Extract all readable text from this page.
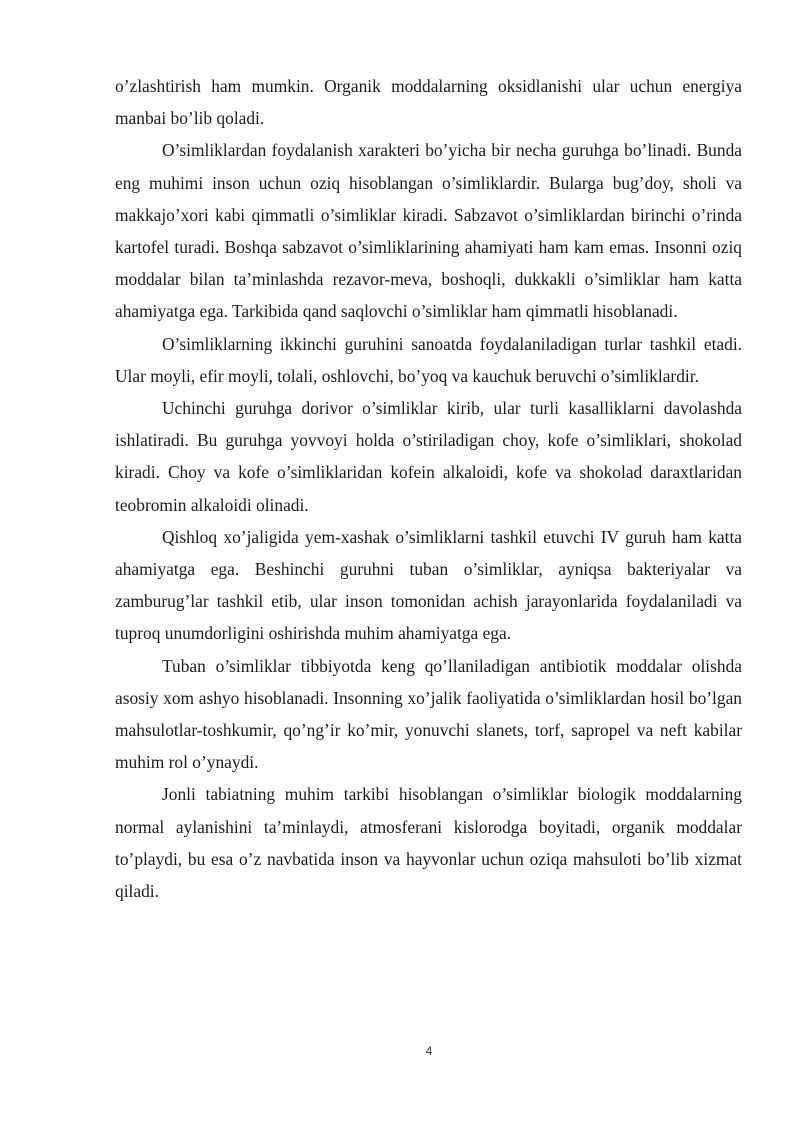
o’zlashtirish ham mumkin. Organik moddalarning oksidlanishi ular uchun energiya manbai bo’lib qoladi.

O’simliklardan foydalanish xarakteri bo’yicha bir necha guruhga bo’linadi. Bunda eng muhimi inson uchun oziq hisoblangan o’simliklardir. Bularga bug’doy, sholi va makkajo’xori kabi qimmatli o’simliklar kiradi. Sabzavot o’simliklardan birinchi o’rinda kartofel turadi. Boshqa sabzavot o’simliklarining ahamiyati ham kam emas. Insonni oziq moddalar bilan ta’minlashda rezavor-meva, boshoqli, dukkakli o’simliklar ham katta ahamiyatga ega. Tarkibida qand saqlovchi o’simliklar ham qimmatli hisoblanadi.

O’simliklarning ikkinchi guruhini sanoatda foydalaniladigan turlar tashkil etadi. Ular moyli, efir moyli, tolali, oshlovchi, bo’yoq va kauchuk beruvchi o’simliklardir.

Uchinchi guruhga dorivor o’simliklar kirib, ular turli kasalliklarni davolashda ishlatiradi. Bu guruhga yovvoyi holda o’stiriladigan choy, kofe o’simliklari, shokolad kiradi. Choy va kofe o’simliklaridan kofein alkaloidi, kofe va shokolad daraxtlaridan teobromin alkaloidi olinadi.

Qishloq xo’jaligida yem-xashak o’simliklarni tashkil etuvchi IV guruh ham katta ahamiyatga ega. Beshinchi guruhni tuban o’simliklar, ayniqsa bakteriyalar va zamburug’lar tashkil etib, ular inson tomonidan achish jarayonlarida foydalaniladi va tuproq unumdorligini oshirishda muhim ahamiyatga ega.

Tuban o’simliklar tibbiyotda keng qo’llaniladigan antibiotik moddalar olishda asosiy xom ashyo hisoblanadi. Insonning xo’jalik faoliyatida o’simliklardan hosil bo’lgan mahsulotlar-toshkumir, qo’ng’ir ko’mir, yonuvchi slanets, torf, sapropel va neft kabilar muhim rol o’ynaydi.

Jonli tabiatning muhim tarkibi hisoblangan o’simliklar biologik moddalarning normal aylanishini ta’minlaydi, atmosferani kislorodga boyitadi, organik moddalar to’playdi, bu esa o’z navbatida inson va hayvonlar uchun oziqa mahsuloti bo’lib xizmat qiladi.

4
